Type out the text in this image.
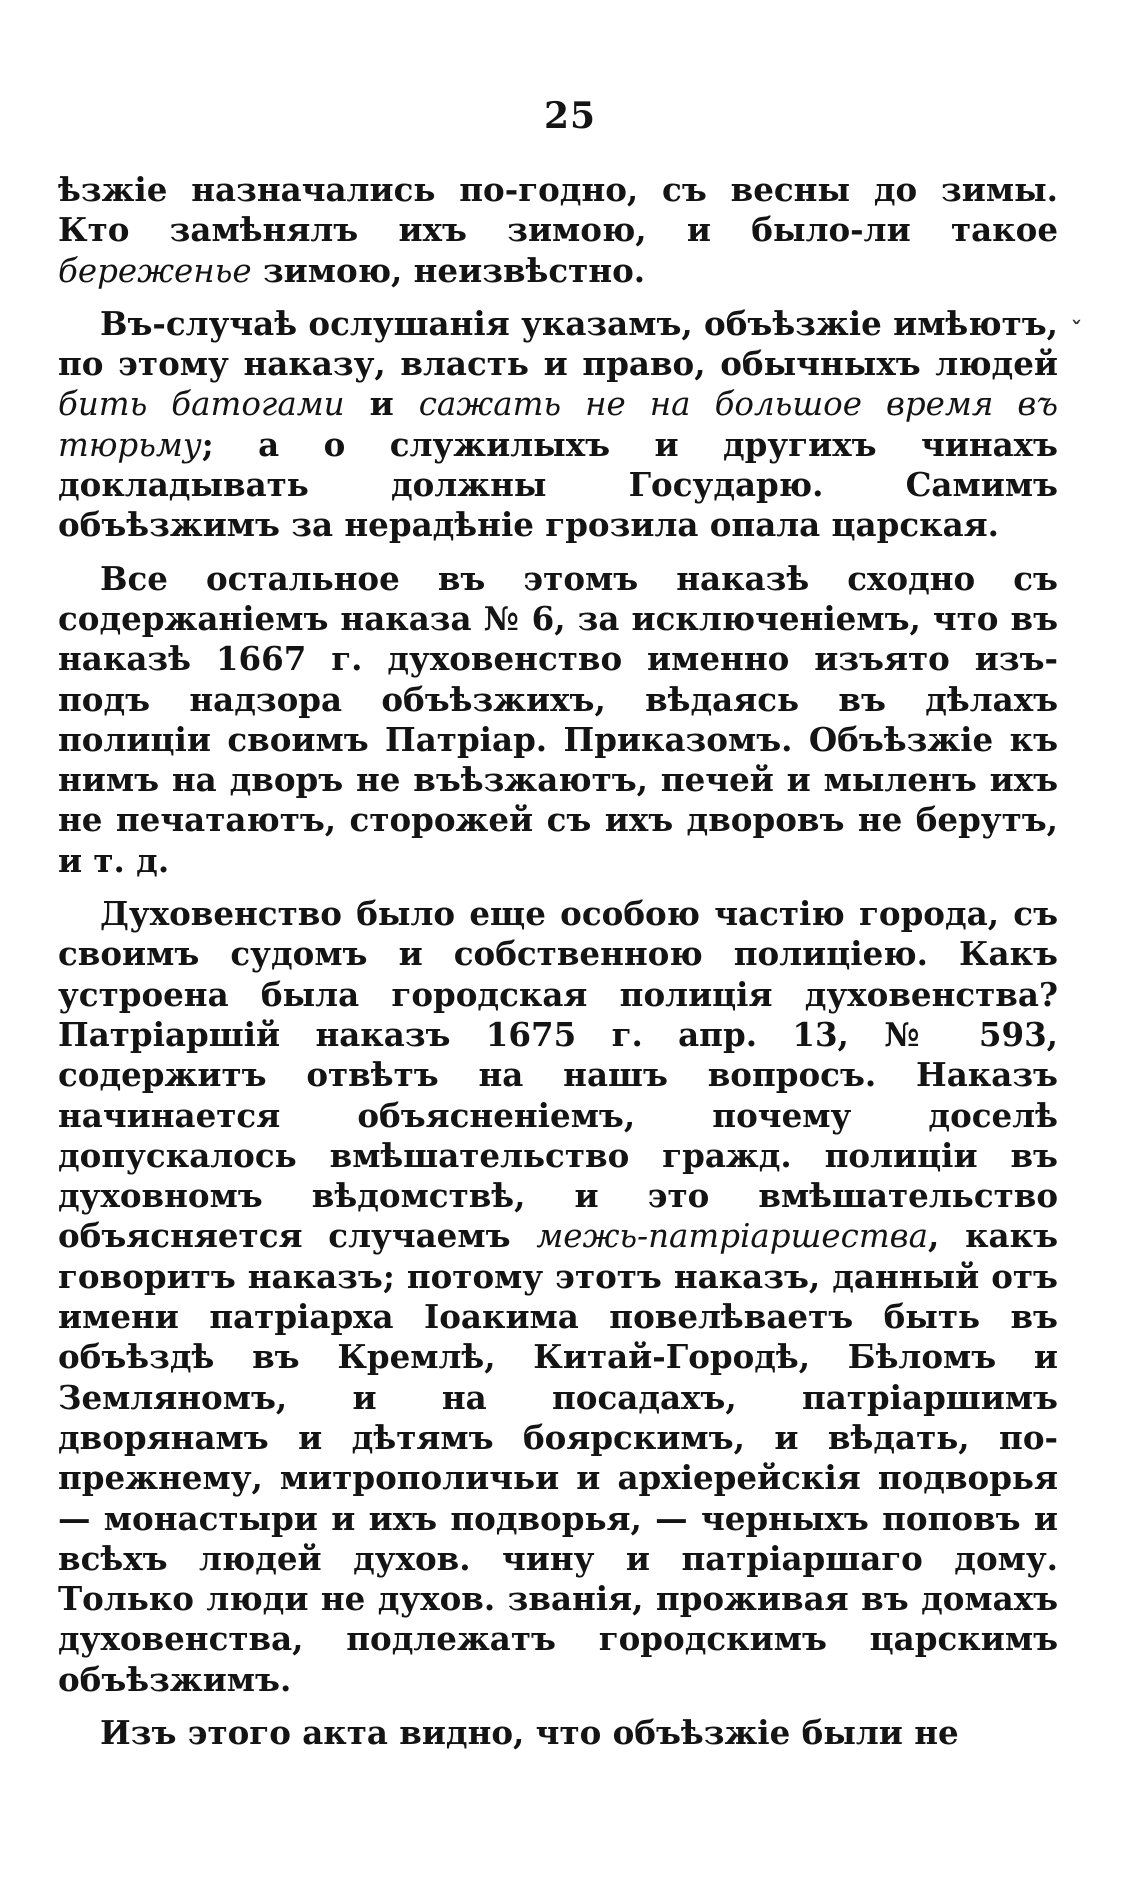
25
ˇ

ѣзжіе назначались по-годно, съ весны до зимы. Кто замѣнялъ ихъ зимою, и было-ли такое береженье зимою, неизвѣстно.

Въ-случаѣ ослушанія указамъ, объѣзжіе имѣютъ, по этому наказу, власть и право, обычныхъ людей бить батогами и сажать не на большое время въ тюрьму; а о служилыхъ и другихъ чинахъ докладывать должны Государю. Самимъ объѣзжимъ за нерадѣніе грозила опала царская.

Все остальное въ этомъ наказѣ сходно съ содержаніемъ наказа № 6, за исключеніемъ, что въ наказѣ 1667 г. духовенство именно изъято изъ-подъ надзора объѣзжихъ, вѣдаясь въ дѣлахъ полиціи своимъ Патріар. Приказомъ. Объѣзжіе къ нимъ на дворъ не въѣзжаютъ, печей и мыленъ ихъ не печатаютъ, сторожей съ ихъ дворовъ не берутъ, и т. д.

Духовенство было еще особою частію города, съ своимъ судомъ и собственною полиціею. Какъ устроена была городская полиція духовенства? Патріаршій наказъ 1675 г. апр. 13, № 593, содержитъ отвѣтъ на нашъ вопросъ. Наказъ начинается объясненіемъ, почему доселѣ допускалось вмѣшательство гражд. полиціи въ духовномъ вѣдомствѣ, и это вмѣшательство объясняется случаемъ межь-патріаршества, какъ говоритъ наказъ; потому этотъ наказъ, данный отъ имени патріарха Іоакима повелѣваетъ быть въ объѣздѣ въ Кремлѣ, Китай-Городѣ, Бѣломъ и Земляномъ, и на посадахъ, патріаршимъ дворянамъ и дѣтямъ боярскимъ, и вѣдать, по-прежнему, митрополичьи и архіерейскія подворья — монастыри и ихъ подворья, — черныхъ поповъ и всѣхъ людей духов. чину и патріаршаго дому. Только люди не духов. званія, проживая въ домахъ духовенства, подлежатъ городскимъ царскимъ объѣзжимъ.

Изъ этого акта видно, что объѣзжіе были не
